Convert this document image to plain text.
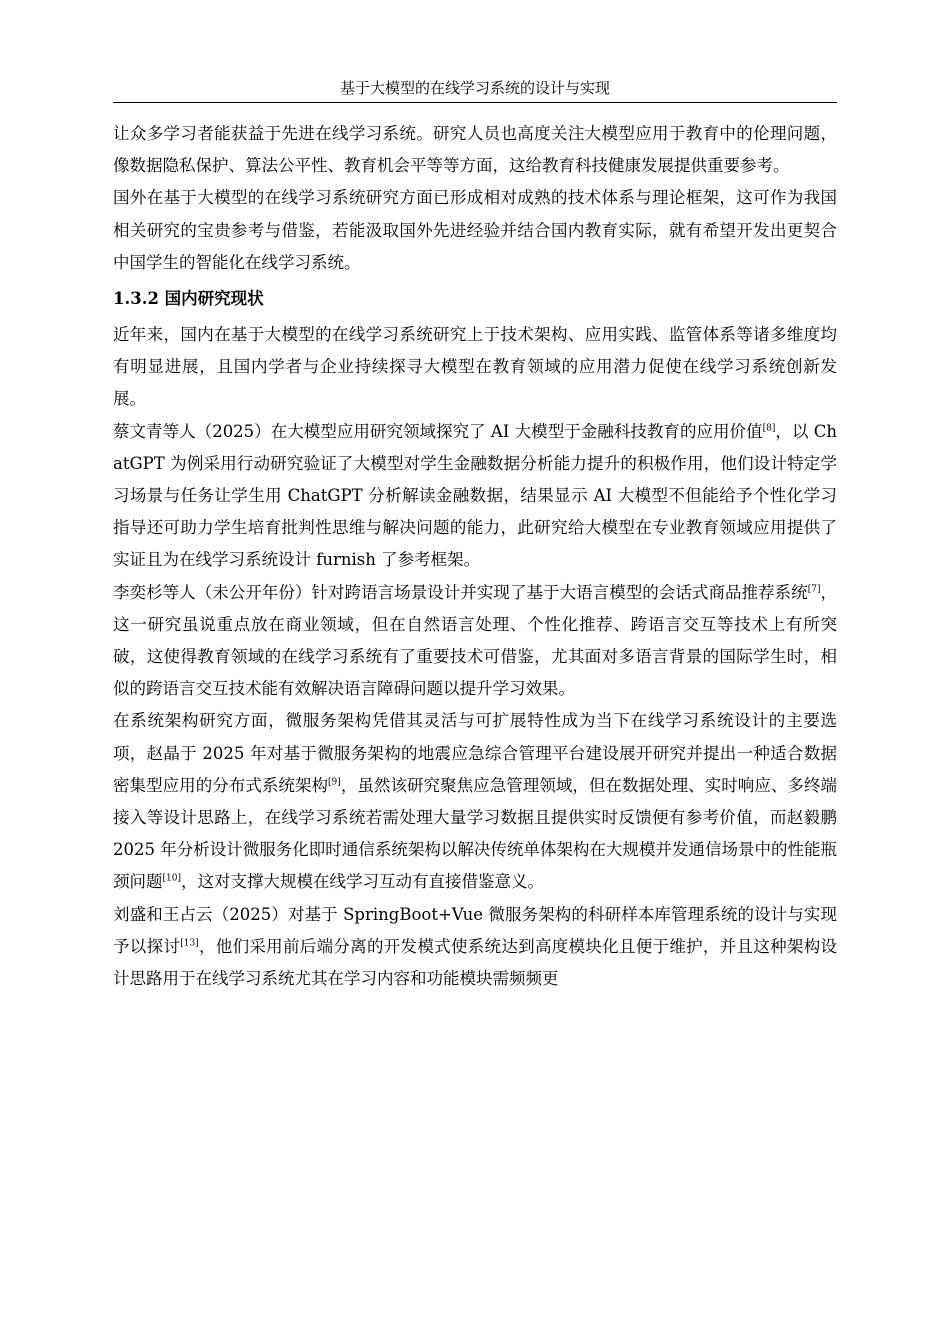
基于大模型的在线学习系统的设计与实现

让众多学习者能获益于先进在线学习系统。研究人员也高度关注大模型应用于教育中的伦理问题，像数据隐私保护、算法公平性、教育机会平等等方面，这给教育科技健康发展提供重要参考。

国外在基于大模型的在线学习系统研究方面已形成相对成熟的技术体系与理论框架，这可作为我国相关研究的宝贵参考与借鉴，若能汲取国外先进经验并结合国内教育实际，就有希望开发出更契合中国学生的智能化在线学习系统。

1.3.2 国内研究现状

近年来，国内在基于大模型的在线学习系统研究上于技术架构、应用实践、监管体系等诸多维度均有明显进展，且国内学者与企业持续探寻大模型在教育领域的应用潜力促使在线学习系统创新发展。

蔡文青等人（2025）在大模型应用研究领域探究了 AI 大模型于金融科技教育的应用价值[8]，以 ChatGPT 为例采用行动研究验证了大模型对学生金融数据分析能力提升的积极作用，他们设计特定学习场景与任务让学生用 ChatGPT 分析解读金融数据，结果显示 AI 大模型不但能给予个性化学习指导还可助力学生培育批判性思维与解决问题的能力，此研究给大模型在专业教育领域应用提供了实证且为在线学习系统设计 furnish 了参考框架。

李奕杉等人（未公开年份）针对跨语言场景设计并实现了基于大语言模型的会话式商品推荐系统[7]，这一研究虽说重点放在商业领域，但在自然语言处理、个性化推荐、跨语言交互等技术上有所突破，这使得教育领域的在线学习系统有了重要技术可借鉴，尤其面对多语言背景的国际学生时，相似的跨语言交互技术能有效解决语言障碍问题以提升学习效果。

在系统架构研究方面，微服务架构凭借其灵活与可扩展特性成为当下在线学习系统设计的主要选项，赵晶于 2025 年对基于微服务架构的地震应急综合管理平台建设展开研究并提出一种适合数据密集型应用的分布式系统架构[9]，虽然该研究聚焦应急管理领域，但在数据处理、实时响应、多终端接入等设计思路上，在线学习系统若需处理大量学习数据且提供实时反馈便有参考价值，而赵毅鹏 2025 年分析设计微服务化即时通信系统架构以解决传统单体架构在大规模并发通信场景中的性能瓶颈问题[10]，这对支撑大规模在线学习互动有直接借鉴意义。

刘盛和王占云（2025）对基于 SpringBoot+Vue 微服务架构的科研样本库管理系统的设计与实现予以探讨[13]，他们采用前后端分离的开发模式使系统达到高度模块化且便于维护，并且这种架构设计思路用于在线学习系统尤其在学习内容和功能模块需频频更
